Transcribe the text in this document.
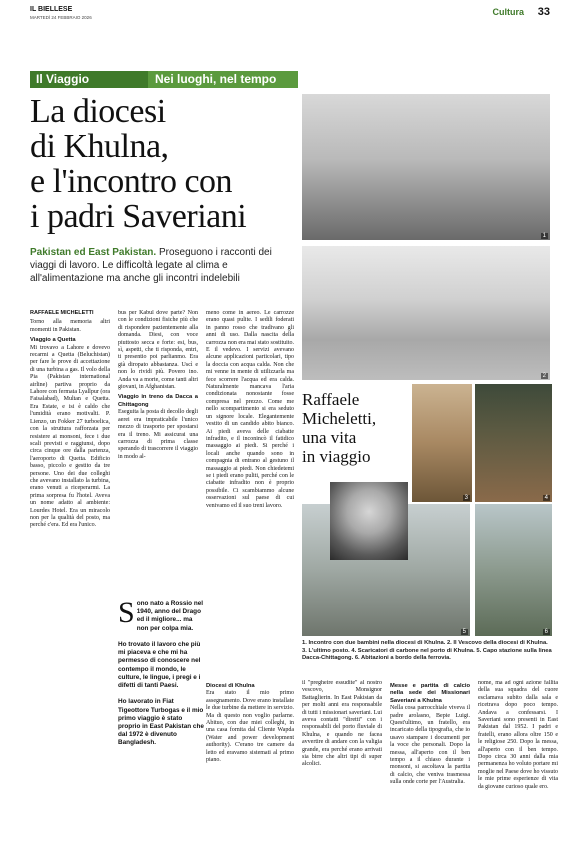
IL BIELLESE
MARTEDÌ 24 FEBBRAIO 2026
Cultura 33
Il Viaggio	Nei luoghi, nel tempo
La diocesi
di Khulna,
e l'incontro con
i padri Saveriani

Pakistan ed East Pakistan. Proseguono i racconti dei viaggi di lavoro. Le difficoltà legate al clima e all'alimentazione ma anche gli incontri indelebili

1
2
3	4
5	6
Raffaele
Micheletti,
una vita
in viaggio

1. Incontro con due bambini nella diocesi di Khulna. 2. Il Vescovo della diocesi di Khulna. 3. L'ultimo posto. 4. Scaricatori di carbone nel porto di Khulna. 5. Capo stazione sulla linea Dacca-Chittagong. 6. Abitazioni a bordo della ferrovia.

RAFFAELE MICHELETTI
Torno alla memoria altri momenti in Pakistan.
Viaggio a Quetta
Mi trovavo a Lahore e dovevo recarmi a Quetta (Beluchistan) per fare le prove di accettazione di una turbina a gas. Il volo della Pia (Pakistan international airline) partiva proprio da Lahore con fermata Lyallpur (ora Faisalabad), Multan e Quetta. Era Estate, e isi è caldo che l'umidità erano motivalti. P. Lienzo, un Fokker 27 turboelica, con la struttura rafforzata per resistere ai monsoni, fece i due scali previsti e raggiunsi, dopo circa cinque ore dalla partenza, l'aeroporto di Quetta. Edificio basso, piccolo e gestito da tre persone. Uno dei due colleghi che avevano installato la turbina, erano venuti a riceperarmi. La prima sorpresa fu l'hotel. Aveva un nome adatto al ambiente: Lourdes Hotel. Era un miracolo non per la qualità del posto, ma perché c'era. Ed era l'unico.
bus per Kabul dove parte? Non con le condizioni fisiche più che di rispondere pazientemente alla domanda. Diesi, con voce piuttosto secca e forte: esi, bus, sì, aspetti, che ti risponda, entri, ti presentio poi parlianmo. Era già diropato abbastanza. Uscì e non lo rividi più. Povero ino. Anda va a morte, come tanti altri giovani, in Afghanistan.
Viaggio in treno da Dacca a Chittagong
Eseguita la posta di decollo degli aerei era impraticabile l'unico mezzo di trasporto per spostarsi era il treno. Mi assicurai una carrozza di prima classe sperando di trascorrere il viaggio in modo al-
S ono nato a Rossio nel 1940, anno del Drago ed il migliore... ma non per colpa mia.

Ho trovato il lavoro che più mi piaceva e che mi ha permesso di conoscere nel contempo il mondo, le culture, le lingue, i pregi e i difetti di tanti Paesi.

Ho lavorato in Fiat Tigeottore Turbogas e il mio primo viaggio è stato proprio in East Pakistan che dal 1972 è divenuto Bangladesh.
meno come in aereo. Le carrozze erano quasi pulite. I sedili foderati in panno rosso che tradivano gli anni di uso. Dalla nascita della carrozza non era mai stato sostituito. E il vedevo. I servizi avevano alcune applicazioni particolari, tipo la doccia con acqua calda. Non che mi venne in mente di utilizzarla ma fece scorrere l'acqua ed era calda. Naturalmente mancava l'aria condizionata nonostante fosse compresa nel prezzo. Come me nello scompartimento si era seduto un signore locale. Elegantemente vestito di un candido abito bianco. Ai piedi aveva delle ciabatte infradito, e il inconincò il fatidico massaggio ai piedi. Si perché i locali anche quando sono in compagnia di entrano al gestuno il massaggio ai piedi. Non chiedetemi se i piedi erano puliti, perché con le ciabatte infradito non è proprio possibile. Ci scambiammo alcune osservazioni sul paese di cui venivamo ed il suo treni lavoro.
Diocesi di Khulna
Era stato il mio primo assegnamento. Dove erano installate le due turbine da mettere in servizio. Ma di questo non voglio parlarne. Abituo, con due miei colleghi, in una casa fornita dal Cliente Wapda (Water and power development authority). C'erano tre camere da letto ed eravamo sistemati al primo piano.
il "pregheire essudite" al nostro vescovo, Monsignor Battaglierin. In East Pakistan da per molti anni era responsabile di tutti i missionari saveriani. Lui aveva contatti "diretti" con i responsabili del porto fluviale di Khulna, e quando ne facea avvertire di andare con la valigia grande, era perché erano arrivati sia birre che altri tipi di super alcolici.
Messe e partita di calcio nella sede dei Missionari Saveriani a Khulna
Nella cosa parrocchiale viveva il padre arolasno, Bepie Luigi. Quest'ultimo, un fratello, era incaricato della tipografia, che io usavo stampare i documenti per la voce che personali. Dopo la messa, all'aperto con il ben tempo a il chiaso durante i monsoni, si ascoltava la partita di calcio, che veniva trasmessa sulla onde corte per l'Australia.
nome, ma ad ogni azione fallita della sua squadra del cuore esclamava subito dalla sala e ricetrava dopo poco tempo. Andava a confessarsi. I Saveriani sono presenti in East Pakistan dal 1952. I padri e fratelli, erano allora oltre 150 e le religiose 250. Dopo la messa, all'aperto con il ben tempo. Dopo circa 30 anni dalla mia permanenza ho voluto portare mi moglie nel Paese dove ho vissuto le mie prime esperienze di vita da giovane curioso quale ero.
